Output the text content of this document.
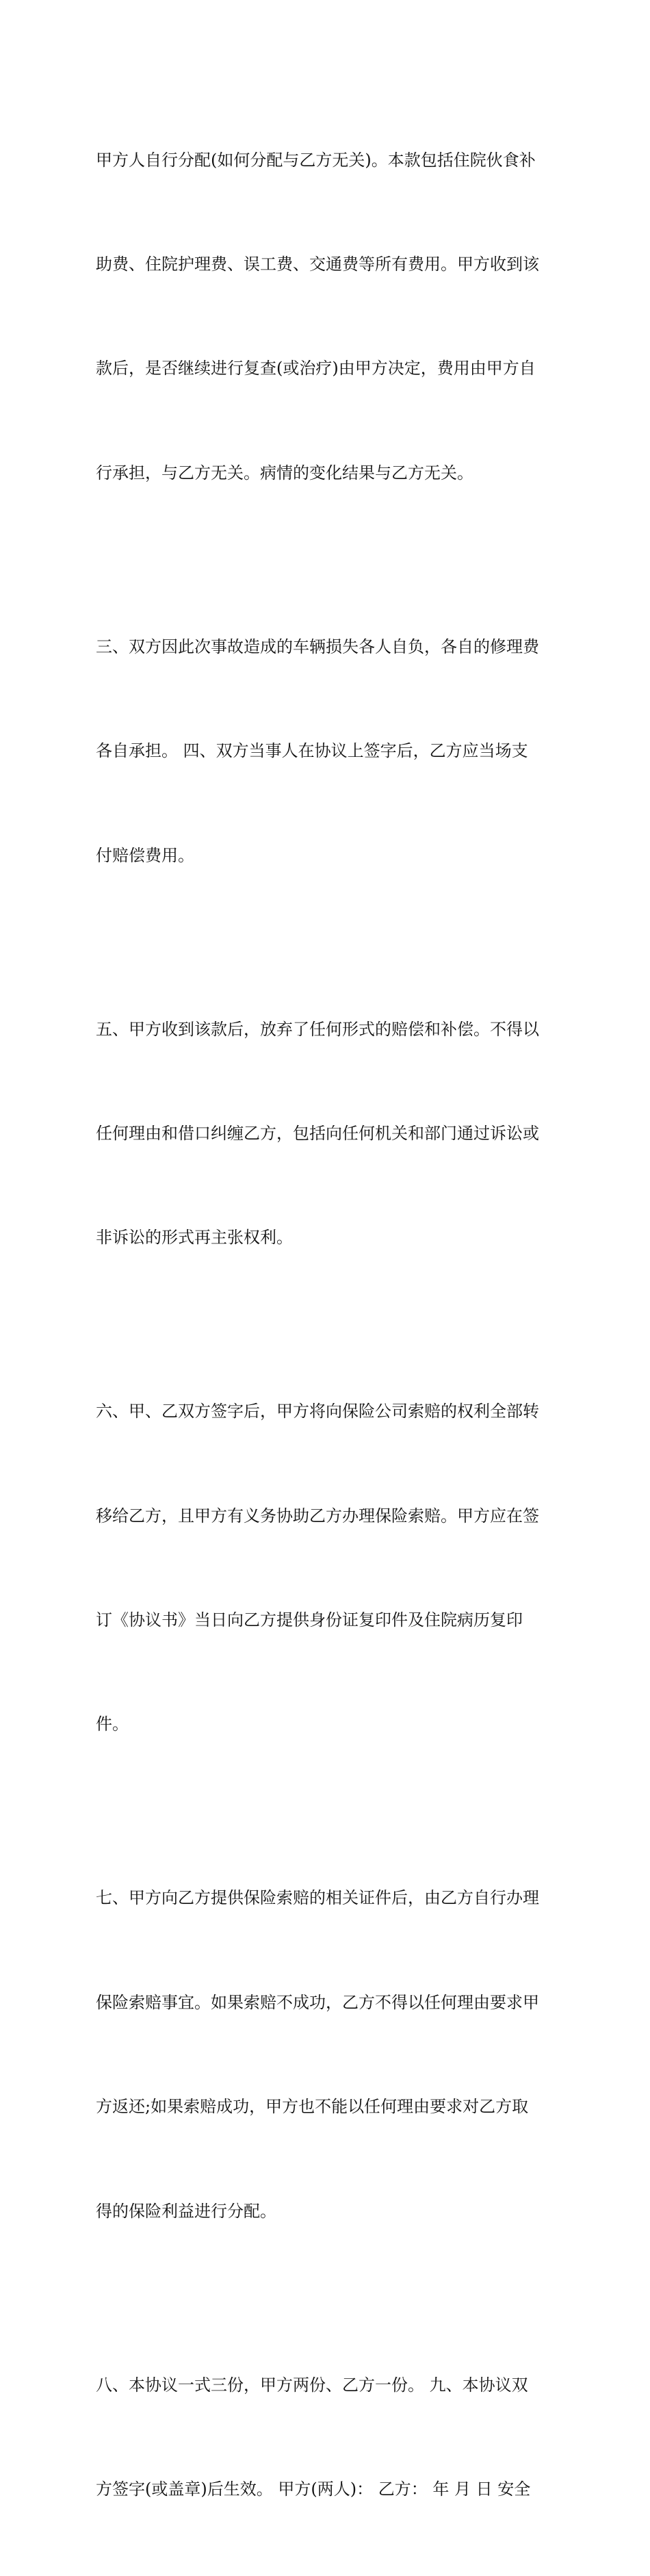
甲方人自行分配(如何分配与乙方无关)。本款包括住院伙食补

助费、住院护理费、误工费、交通费等所有费用。甲方收到该

款后，是否继续进行复查(或治疗)由甲方决定，费用由甲方自

行承担，与乙方无关。病情的变化结果与乙方无关。

三、双方因此次事故造成的车辆损失各人自负，各自的修理费

各自承担。 四、双方当事人在协议上签字后，乙方应当场支

付赔偿费用。

五、甲方收到该款后，放弃了任何形式的赔偿和补偿。不得以

任何理由和借口纠缠乙方，包括向任何机关和部门通过诉讼或

非诉讼的形式再主张权利。

六、甲、乙双方签字后，甲方将向保险公司索赔的权利全部转

移给乙方，且甲方有义务协助乙方办理保险索赔。甲方应在签

订《协议书》当日向乙方提供身份证复印件及住院病历复印

件。

七、甲方向乙方提供保险索赔的相关证件后，由乙方自行办理

保险索赔事宜。如果索赔不成功，乙方不得以任何理由要求甲

方返还;如果索赔成功，甲方也不能以任何理由要求对乙方取

得的保险利益进行分配。

八、本协议一式三份，甲方两份、乙方一份。 九、本协议双

方签字(或盖章)后生效。 甲方(两人)： 乙方： 年 月 日 安全
